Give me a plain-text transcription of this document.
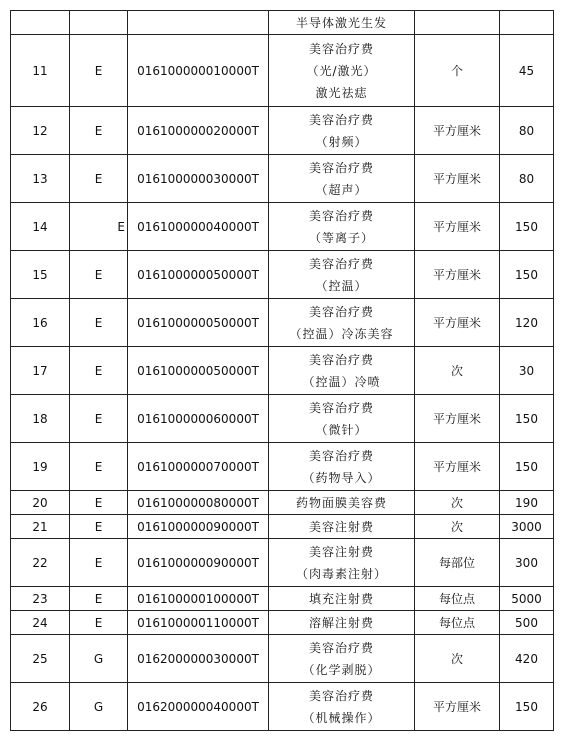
			半导体激光生发		
11	E	016100000010000T	美容治疗费
（光/激光）
激光祛痣	个	45
12	E	016100000020000T	美容治疗费
（射频）	平方厘米	80
13	E	016100000030000T	美容治疗费
（超声）	平方厘米	80
14	E	016100000040000T	美容治疗费
（等离子）	平方厘米	150
15	E	016100000050000T	美容治疗费
（控温）	平方厘米	150
16	E	016100000050000T	美容治疗费
（控温）冷冻美容	平方厘米	120
17	E	016100000050000T	美容治疗费
（控温）冷喷	次	30
18	E	016100000060000T	美容治疗费
（微针）	平方厘米	150
19	E	016100000070000T	美容治疗费
（药物导入）	平方厘米	150
20	E	016100000080000T	药物面膜美容费	次	190
21	E	016100000090000T	美容注射费	次	3000
22	E	016100000090000T	美容注射费
（肉毒素注射）	每部位	300
23	E	016100000100000T	填充注射费	每位点	5000
24	E	016100000110000T	溶解注射费	每位点	500
25	G	016200000030000T	美容治疗费
（化学剥脱）	次	420
26	G	016200000040000T	美容治疗费
（机械操作）	平方厘米	150
